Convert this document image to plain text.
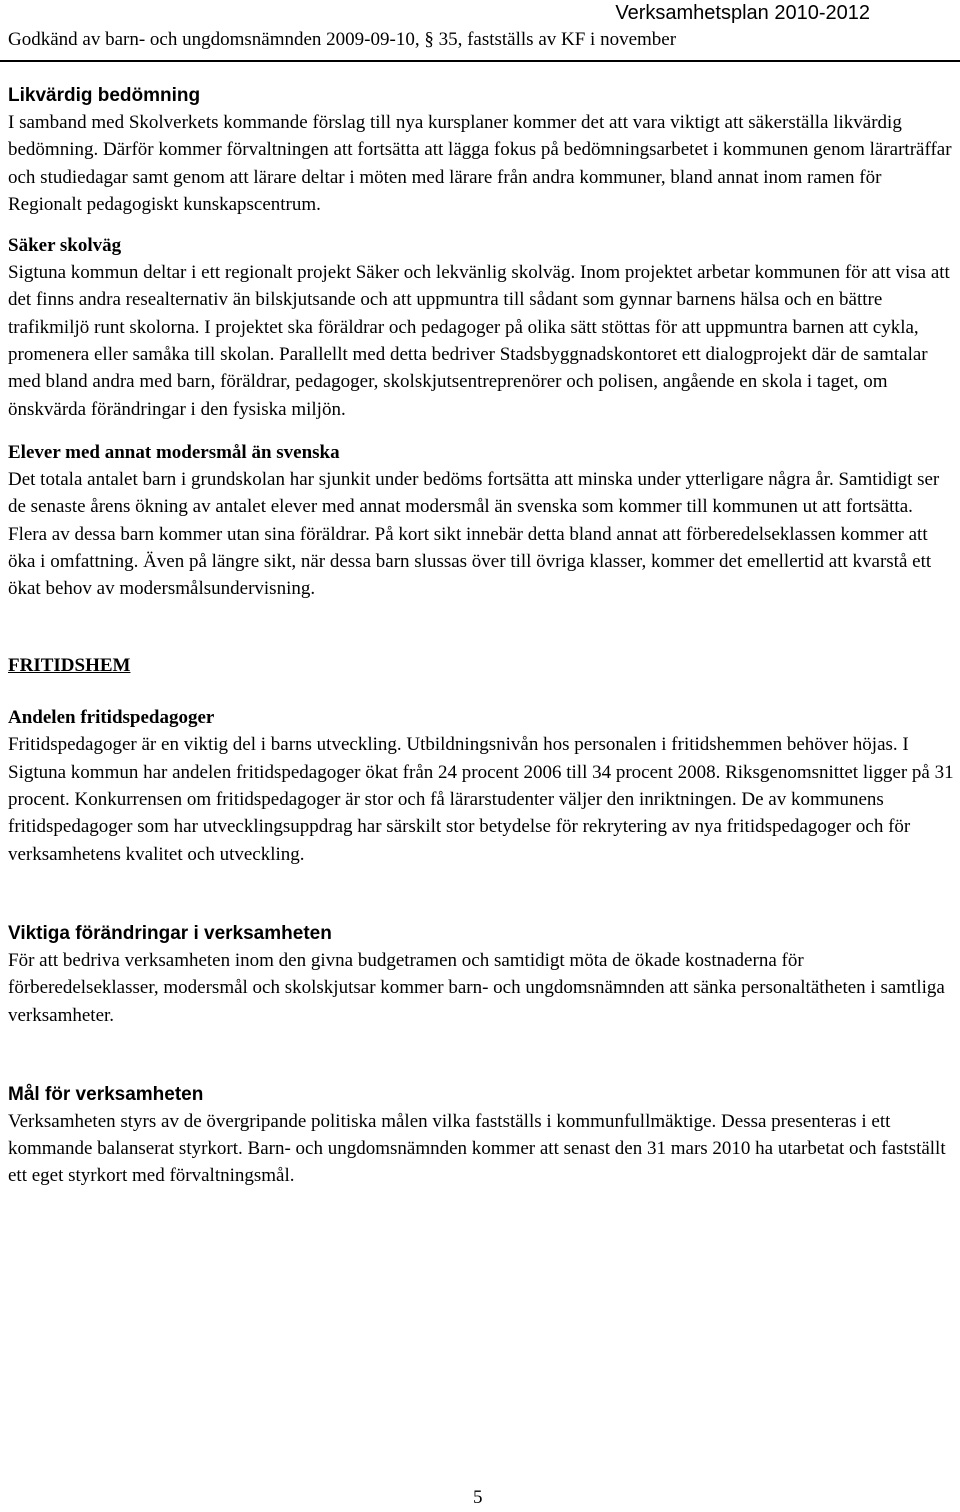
Verksamhetsplan 2010-2012
Godkänd av barn- och ungdomsnämnden 2009-09-10, § 35, fastställs av KF i november

Likvärdig bedömning

I samband med Skolverkets kommande förslag till nya kursplaner kommer det att vara viktigt att säkerställa likvärdig bedömning. Därför kommer förvaltningen att fortsätta att lägga fokus på bedömningsarbetet i kommunen genom lärarträffar och studiedagar samt genom att lärare deltar i möten med lärare från andra kommuner, bland annat inom ramen för Regionalt pedagogiskt kunskapscentrum.

Säker skolväg

Sigtuna kommun deltar i ett regionalt projekt Säker och lekvänlig skolväg. Inom projektet arbetar kommunen för att visa att det finns andra resealternativ än bilskjutsande och att uppmuntra till sådant som gynnar barnens hälsa och en bättre trafikmiljö runt skolorna. I projektet ska föräldrar och pedagoger på olika sätt stöttas för att uppmuntra barnen att cykla, promenera eller samåka till skolan. Parallellt med detta bedriver Stadsbyggnadskontoret ett dialogprojekt där de samtalar med bland andra med barn, föräldrar, pedagoger, skolskjutsentreprenörer och polisen, angående en skola i taget, om önskvärda förändringar i den fysiska miljön.

Elever med annat modersmål än svenska

Det totala antalet barn i grundskolan har sjunkit under bedöms fortsätta att minska under ytterligare några år. Samtidigt ser de senaste årens ökning av antalet elever med annat modersmål än svenska som kommer till kommunen ut att fortsätta. Flera av dessa barn kommer utan sina föräldrar. På kort sikt innebär detta bland annat att förberedelseklassen kommer att öka i omfattning. Även på längre sikt, när dessa barn slussas över till övriga klasser, kommer det emellertid att kvarstå ett ökat behov av modersmålsundervisning.

FRITIDSHEM

Andelen fritidspedagoger

Fritidspedagoger är en viktig del i barns utveckling. Utbildningsnivån hos personalen i fritidshemmen behöver höjas. I Sigtuna kommun har andelen fritidspedagoger ökat från 24 procent 2006 till 34 procent 2008. Riksgenomsnittet ligger på 31 procent. Konkurrensen om fritidspedagoger är stor och få lärarstudenter väljer den inriktningen. De av kommunens fritidspedagoger som har utvecklingsuppdrag har särskilt stor betydelse för rekrytering av nya fritidspedagoger och för verksamhetens kvalitet och utveckling.

Viktiga förändringar i verksamheten

För att bedriva verksamheten inom den givna budgetramen och samtidigt möta de ökade kostnaderna för förberedelseklasser, modersmål och skolskjutsar kommer barn- och ungdomsnämnden att sänka personaltätheten i samtliga verksamheter.

Mål för verksamheten

Verksamheten styrs av de övergripande politiska målen vilka fastställs i kommunfullmäktige. Dessa presenteras i ett kommande balanserat styrkort. Barn- och ungdomsnämnden kommer att senast den 31 mars 2010 ha utarbetat och fastställt ett eget styrkort med förvaltningsmål.

5
